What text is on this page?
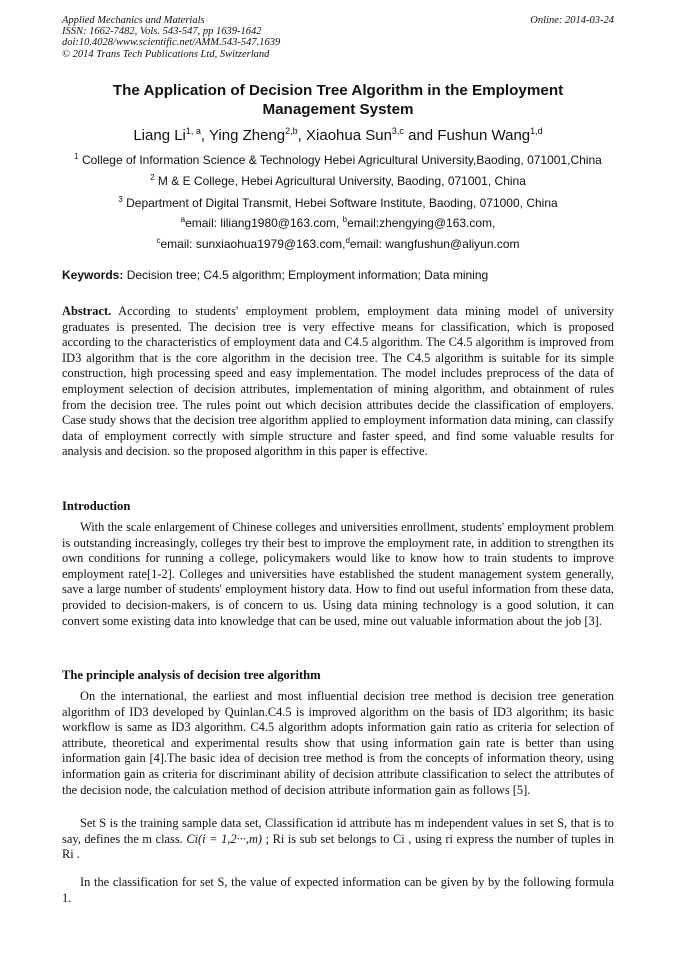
Applied Mechanics and Materials
ISSN: 1662-7482, Vols. 543-547, pp 1639-1642
doi:10.4028/www.scientific.net/AMM.543-547.1639
© 2014 Trans Tech Publications Ltd, Switzerland
Online: 2014-03-24
The Application of Decision Tree Algorithm in the Employment
Management System
Liang Li$^{1, a}$, Ying Zheng$^{2,b}$, Xiaohua Sun$^{3,c}$ and Fushun Wang$^{1,d}$
$^1$ College of Information Science & Technology Hebei Agricultural University,Baoding, 071001,China
$^2$ M & E College, Hebei Agricultural University, Baoding, 071001, China
$^3$ Department of Digital Transmit, Hebei Software Institute, Baoding, 071000, China
$^a$email: liliang1980@163.com, $^b$email:zhengying@163.com,
$^c$email: sunxiaohua1979@163.com,$^d$email: wangfushun@aliyun.com
Keywords: Decision tree; C4.5 algorithm; Employment information; Data mining
Abstract. According to students' employment problem, employment data mining model of university graduates is presented. The decision tree is very effective means for classification, which is proposed according to the characteristics of employment data and C4.5 algorithm. The C4.5 algorithm is improved from ID3 algorithm that is the core algorithm in the decision tree. The C4.5 algorithm is suitable for its simple construction, high processing speed and easy implementation. The model includes preprocess of the data of employment selection of decision attributes, implementation of mining algorithm, and obtainment of rules from the decision tree. The rules point out which decision attributes decide the classification of employers. Case study shows that the decision tree algorithm applied to employment information data mining, can classify data of employment correctly with simple structure and faster speed, and find some valuable results for analysis and decision. so the proposed algorithm in this paper is effective.
Introduction
With the scale enlargement of Chinese colleges and universities enrollment, students' employment problem is outstanding increasingly, colleges try their best to improve the employment rate, in addition to strengthen its own conditions for running a college, policymakers would like to know how to train students to improve employment rate[1-2]. Colleges and universities have established the student management system generally, save a large number of students' employment history data. How to find out useful information from these data, provided to decision-makers, is of concern to us. Using data mining technology is a good solution, it can convert some existing data into knowledge that can be used, mine out valuable information about the job [3].
The principle analysis of decision tree algorithm
On the international, the earliest and most influential decision tree method is decision tree generation algorithm of ID3 developed by Quinlan.C4.5 is improved algorithm on the basis of ID3 algorithm; its basic workflow is same as ID3 algorithm. C4.5 algorithm adopts information gain ratio as criteria for selection of attribute, theoretical and experimental results show that using information gain rate is better than using information gain [4].The basic idea of decision tree method is from the concepts of information theory, using information gain as criteria for discriminant ability of decision attribute classification to select the attributes of the decision node, the calculation method of decision attribute information gain as follows [5].
Set S is the training sample data set, Classification id attribute has m independent values in set S, that is to say, defines the m class. Ci(i = 1,2···,m) ; Ri is sub set belongs to Ci , using ri express the number of tuples in Ri .
In the classification for set S, the value of expected information can be given by by the following formula 1.
